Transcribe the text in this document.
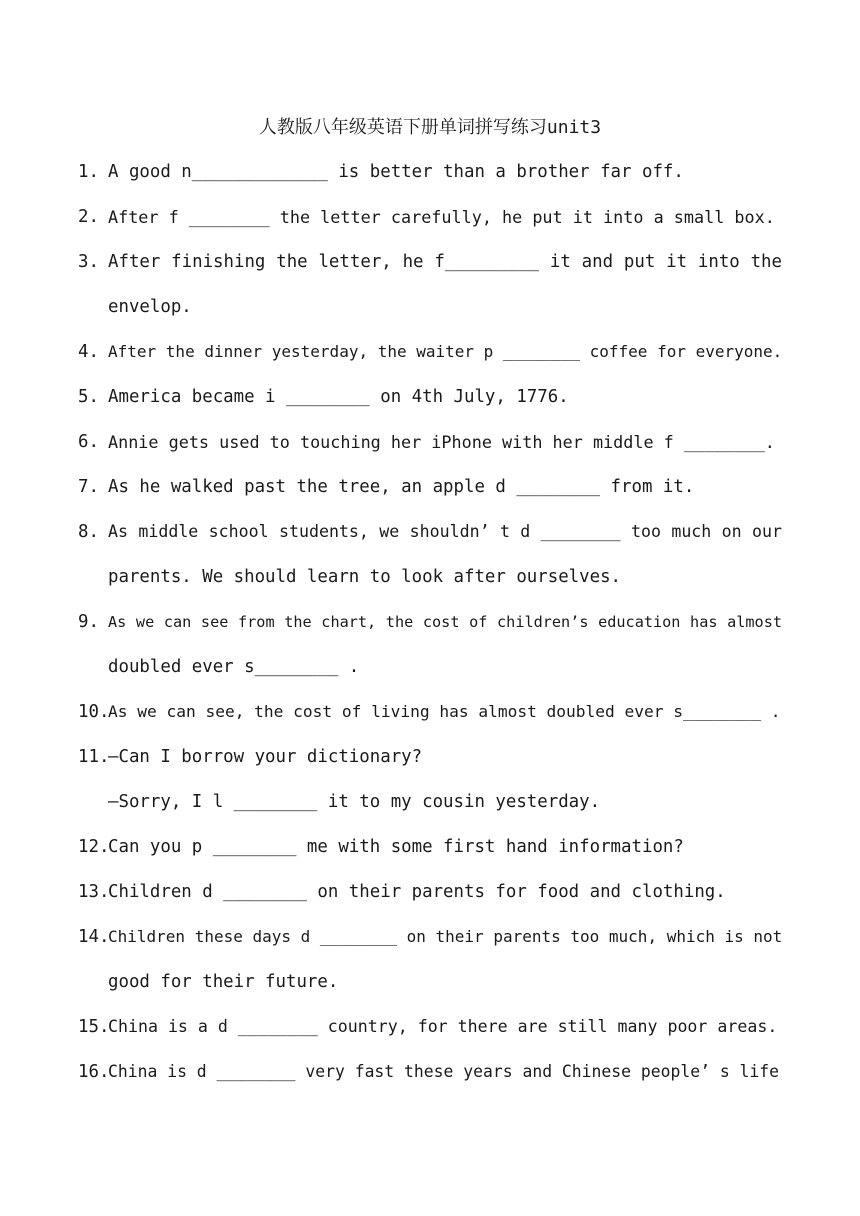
人教版八年级英语下册单词拼写练习unit3
1. A good n_____________ is better than a brother far off.
2. After f ________ the letter carefully, he put it into a small box.
3. After finishing the letter, he f_________ it and put it into the
envelop.
4. After the dinner yesterday, the waiter p ________ coffee for everyone.
5. America became i ________ on 4th July, 1776.
6. Annie gets used to touching her iPhone with her middle f ________.
7. As he walked past the tree, an apple d ________ from it.
8. As middle school students, we shouldn’ t d ________ too much on our
parents. We should learn to look after ourselves.
9. As we can see from the chart, the cost of children’s education has almost
doubled ever s________ .
10.
As we can see, the cost of living has almost doubled ever s________ .
11.
—Can I borrow your dictionary?
—Sorry, I l ________ it to my cousin yesterday.
12.
Can you p ________ me with some first hand information?
13.
Children d ________ on their parents for food and clothing.
14.
Children these days d ________ on their parents too much, which is not
good for their future.
15.
China is a d ________ country, for there are still many poor areas.
16.
China is d ________ very fast these years and Chinese people’ s life
